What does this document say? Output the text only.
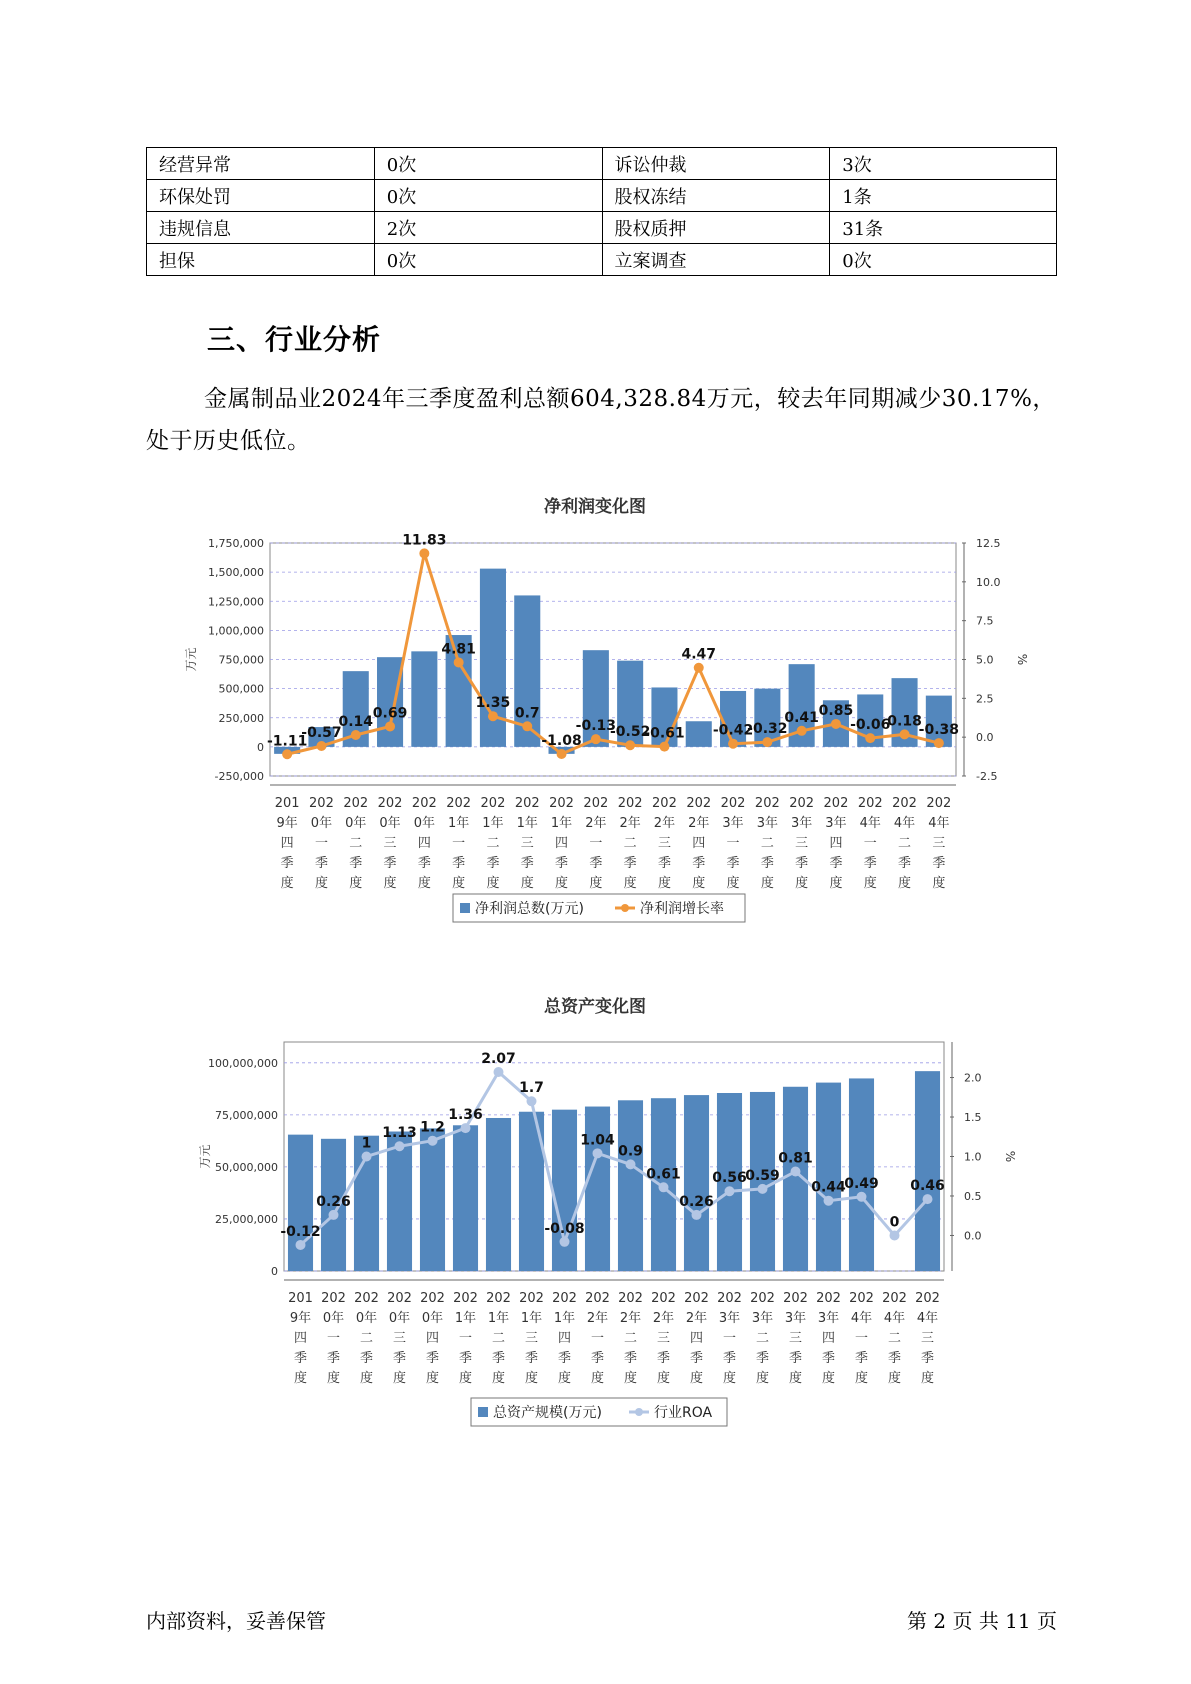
经营异常	0次	诉讼仲裁	3次
环保处罚	0次	股权冻结	1条
违规信息	2次	股权质押	31条
担保	0次	立案调查	0次
三、行业分析
金属制品业2024年三季度盈利总额604,328.84万元，较去年同期减少30.17%，处于历史低位。
净利润变化图
1,750,000
1,500,000
1,250,000
1,000,000
750,000
500,000
250,000
0
-250,000
12.5
10.0
7.5
5.0
2.5
0.0
-2.5
万元	%
201
9年
四
季
度
202
0年
一
季
度
202
0年
二
季
度
202
0年
三
季
度
202
0年
四
季
度
202
1年
一
季
度
202
1年
二
季
度
202
1年
三
季
度
202
1年
四
季
度
202
2年
一
季
度
202
2年
二
季
度
202
2年
三
季
度
202
2年
四
季
度
202
3年
一
季
度
202
3年
二
季
度
202
3年
三
季
度
202
3年
四
季
度
202
4年
一
季
度
202
4年
二
季
度
202
4年
三
季
度
-1.11
-0.57
0.14
0.69
11.83
4.81
1.35
0.7
-1.08
-0.13
-0.52
-0.61
4.47
-0.42
-0.32
0.41 0.85
-0.06
0.18
-0.38
净利润总数(万元)	净利润增长率
总资产变化图
100,000,000
75,000,000
50,000,000
25,000,000
0
2.0
1.5
1.0
0.5
0.0
万元	%
201
9年
四
季
度
202
0年
一
季
度
202
0年
二
季
度
202
0年
三
季
度
202
0年
四
季
度
202
1年
一
季
度
202
1年
二
季
度
202
1年
三
季
度
202
1年
四
季
度
202
2年
一
季
度
202
2年
二
季
度
202
2年
三
季
度
202
2年
四
季
度
202
3年
一
季
度
202
3年
二
季
度
202
3年
三
季
度
202
3年
四
季
度
202
4年
一
季
度
202
4年
二
季
度
202
4年
三
季
度
-0.12
0.26
1
1.13 1.2
1.36
2.07
1.7
-0.08
1.04
0.9
0.61
0.26
0.56
0.59
0.81
0.44
0.49
0
0.46
总资产规模(万元)	行业ROA
内部资料，妥善保管	第 2 页 共 11 页
